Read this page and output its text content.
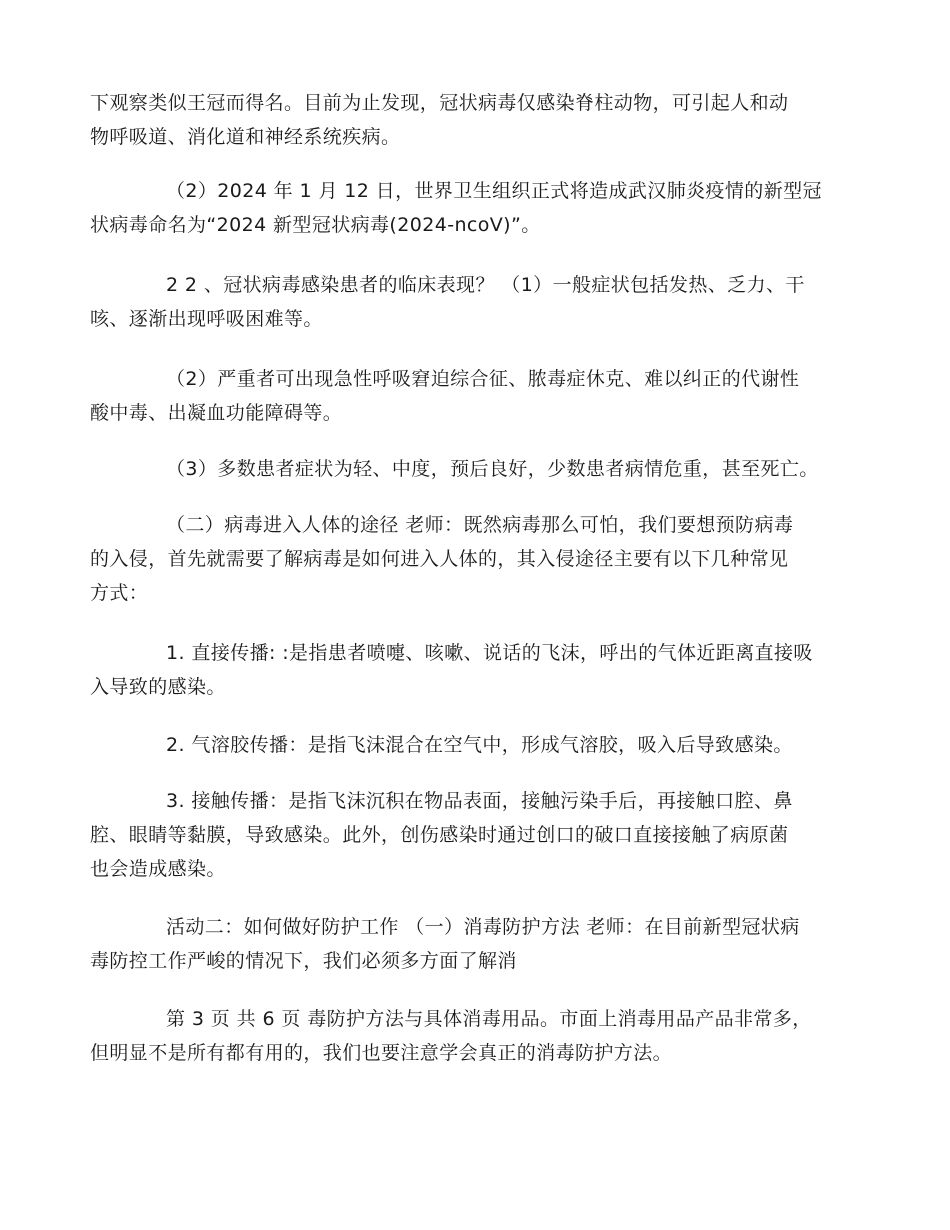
下观察类似王冠而得名。目前为止发现，冠状病毒仅感染脊柱动物，可引起人和动
物呼吸道、消化道和神经系统疾病。

（2）2024 年 1 月 12 日，世界卫生组织正式将造成武汉肺炎疫情的新型冠
状病毒命名为“2024 新型冠状病毒(2024-ncoV)”。

2 2 、冠状病毒感染患者的临床表现？ （1）一般症状包括发热、乏力、干
咳、逐渐出现呼吸困难等。

（2）严重者可出现急性呼吸窘迫综合征、脓毒症休克、难以纠正的代谢性
酸中毒、出凝血功能障碍等。

（3）多数患者症状为轻、中度，预后良好，少数患者病情危重，甚至死亡。

（二）病毒进入人体的途径 老师：既然病毒那么可怕，我们要想预防病毒
的入侵，首先就需要了解病毒是如何进入人体的，其入侵途径主要有以下几种常见
方式：

1. 直接传播: :是指患者喷嚏、咳嗽、说话的飞沫，呼出的气体近距离直接吸
入导致的感染。

2. 气溶胶传播：是指飞沫混合在空气中，形成气溶胶，吸入后导致感染。

3. 接触传播：是指飞沫沉积在物品表面，接触污染手后，再接触口腔、鼻
腔、眼睛等黏膜，导致感染。此外，创伤感染时通过创口的破口直接接触了病原菌
也会造成感染。

活动二：如何做好防护工作 （一）消毒防护方法 老师：在目前新型冠状病
毒防控工作严峻的情况下，我们必须多方面了解消

第 3 页 共 6 页 毒防护方法与具体消毒用品。市面上消毒用品产品非常多，
但明显不是所有都有用的，我们也要注意学会真正的消毒防护方法。
